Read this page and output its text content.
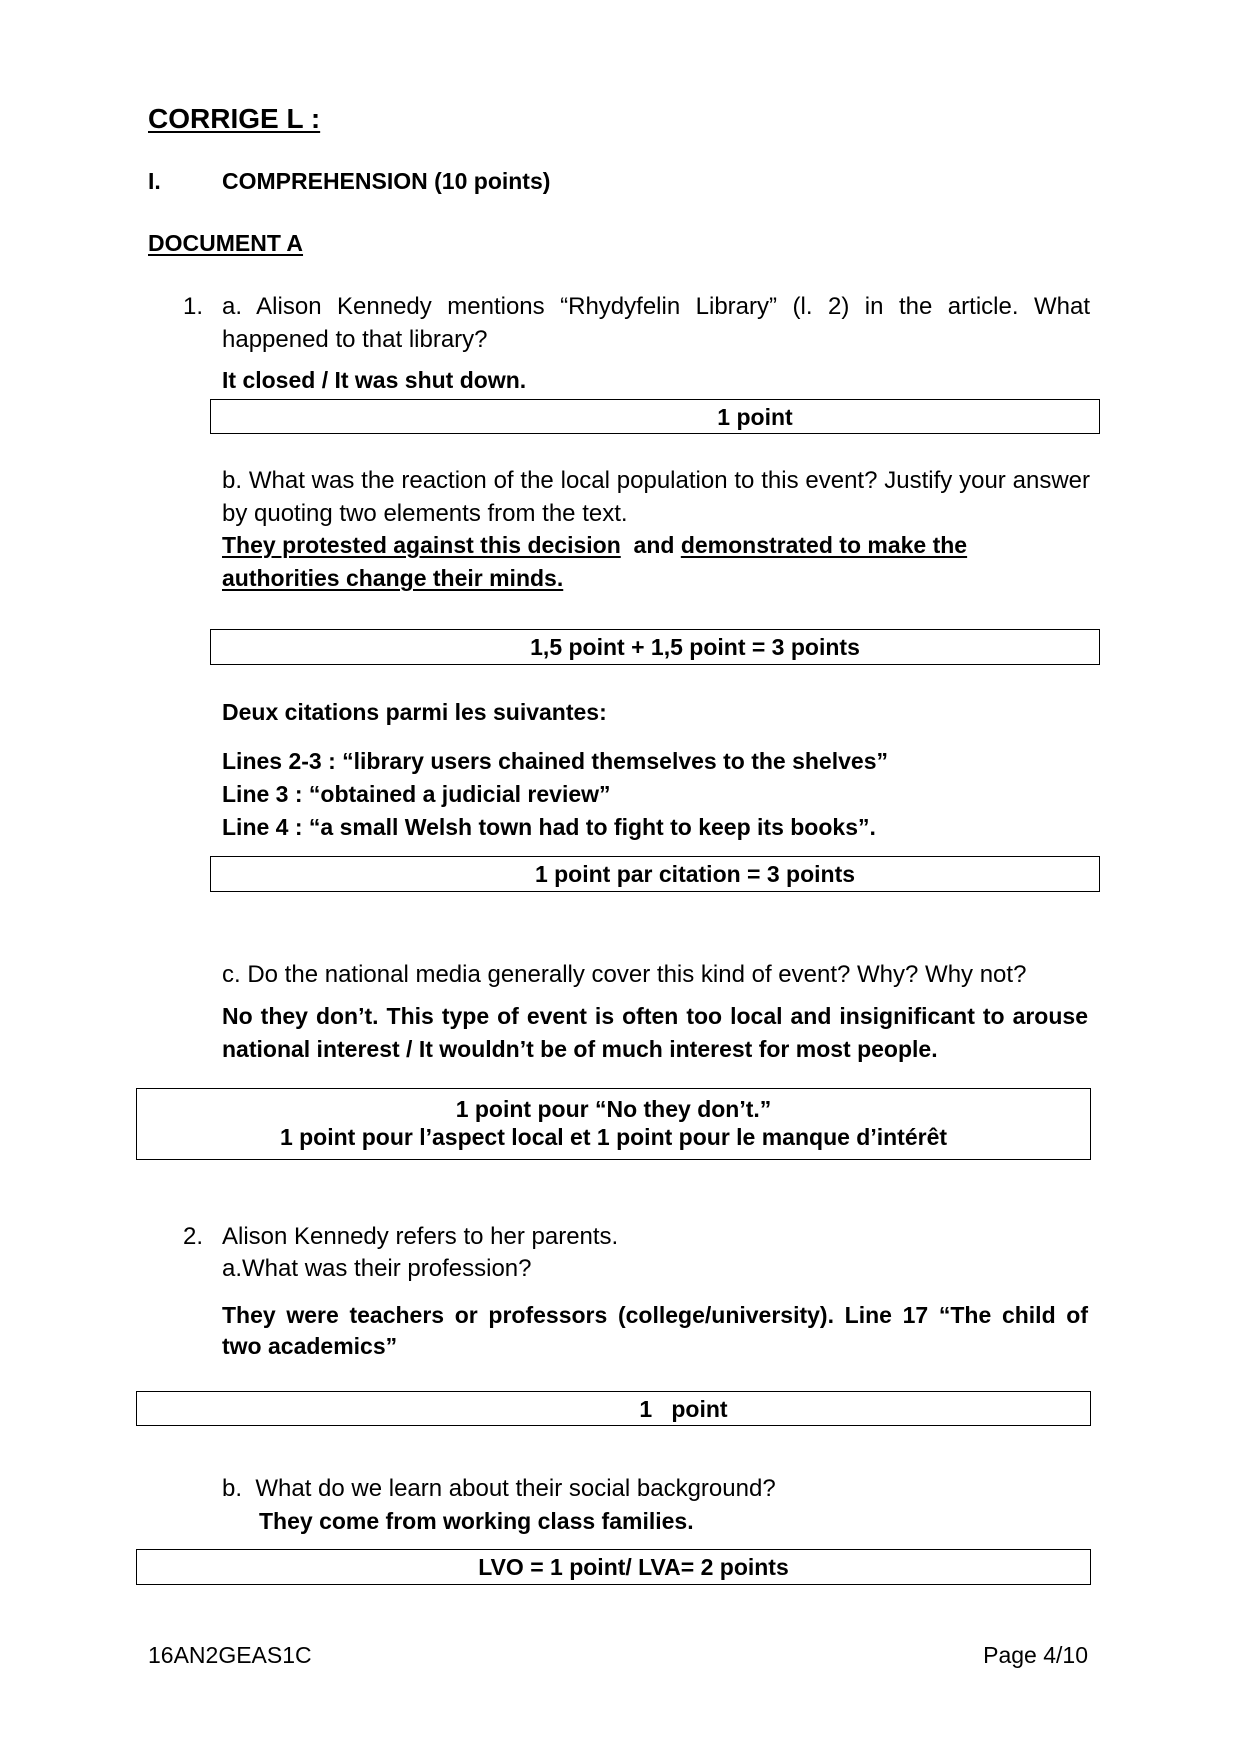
CORRIGE L :
I.	COMPREHENSION (10 points)
DOCUMENT A
1. a. Alison Kennedy mentions “Rhydyfelin Library” (l. 2) in the article. What happened to that library?
It closed / It was shut down.
1 point
b. What was the reaction of the local population to this event? Justify your answer by quoting two elements from the text.
They protested against this decision and demonstrated to make the authorities change their minds.
1,5 point + 1,5 point = 3 points
Deux citations parmi les suivantes:
Lines 2-3 : “library users chained themselves to the shelves”
Line 3 : “obtained a judicial review”
Line 4 : “a small Welsh town had to fight to keep its books”.
1 point par citation = 3 points
c. Do the national media generally cover this kind of event? Why? Why not?
No they don’t. This type of event is often too local and insignificant to arouse national interest / It wouldn’t be of much interest for most people.
1 point pour “No they don’t.”
1 point pour l’aspect local et 1 point pour le manque d’intérêt
2. Alison Kennedy refers to her parents.
a.What was their profession?
They were teachers or professors (college/university). Line 17 “The child of two academics”
1   point
b.  What do we learn about their social background?
They come from working class families.
LVO = 1 point/ LVA= 2 points
16AN2GEAS1C	Page 4/10
